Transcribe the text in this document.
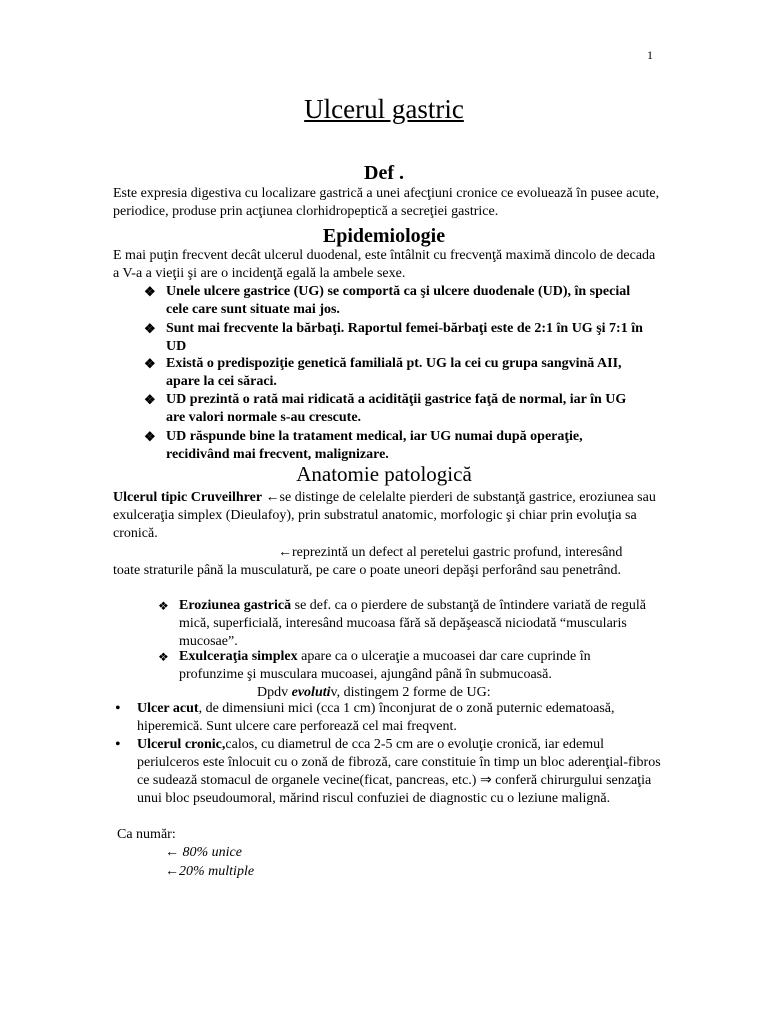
1
Ulcerul gastric
Def .
Este expresia digestiva cu localizare gastrică a unei afecţiuni cronice ce evoluează în pusee acute, periodice, produse prin acţiunea clorhidropeptică a secreţiei gastrice.
Epidemiologie
E mai puţin frecvent decât ulcerul duodenal, este întâlnit cu frecvenţă maximă dincolo de decada a V-a a vieţii şi are o incidenţă egală la ambele sexe.
❖ Unele ulcere gastrice (UG) se comportă ca şi ulcere duodenale (UD), în special cele care sunt situate mai jos.
❖ Sunt mai frecvente la bărbaţi. Raportul femei-bărbaţi este de 2:1 în UG şi 7:1 în UD
❖ Există o predispoziţie genetică familială pt. UG la cei cu grupa sangvină AII, apare la cei săraci.
❖ UD prezintă o rată mai ridicată a acidităţii gastrice faţă de normal, iar în UG are valori normale s-au crescute.
❖ UD răspunde bine la tratament medical, iar UG numai după operaţie, recidivând mai frecvent, malignizare.
Anatomie patologică
Ulcerul tipic Cruveilhrer ←se distinge de celelalte pierderi de substanţă gastrice, eroziunea sau exulceraţia simplex (Dieulafoy), prin substratul anatomic, morfologic şi chiar prin evoluţia sa cronică.
←reprezintă un defect al peretelui gastric profund, interesând
toate straturile până la musculatură, pe care o poate uneori depăşi perforând sau penetrând.
❖ Eroziunea gastrică se def. ca o pierdere de substanţă de întindere variată de regulă mică, superficială, interesând mucoasa fără să depăşească niciodată “muscularis mucosae”.
❖ Exulceraţia simplex apare ca o ulceraţie a mucoasei dar care cuprinde în profunzime şi musculara mucoasei, ajungând până în submucoasă.
Dpdv evolutiv, distingem 2 forme de UG:
•	Ulcer acut, de dimensiuni mici (cca 1 cm) înconjurat de o zonă puternic edematoasă, hiperemică. Sunt ulcere care perforează cel mai freqvent.
•	Ulcerul cronic,calos, cu diametrul de cca 2-5 cm are o evoluţie cronică, iar edemul periulceros este înlocuit cu o zonă de fibroză, care constituie în timp un bloc aderenţial-fibros ce sudează stomacul de organele vecine(ficat, pancreas, etc.) ⇒ conferă chirurgului senzaţia unui bloc pseudoumoral, mărind riscul confuziei de diagnostic cu o leziune malignă.
Ca număr:
← 80% unice
←20% multiple
